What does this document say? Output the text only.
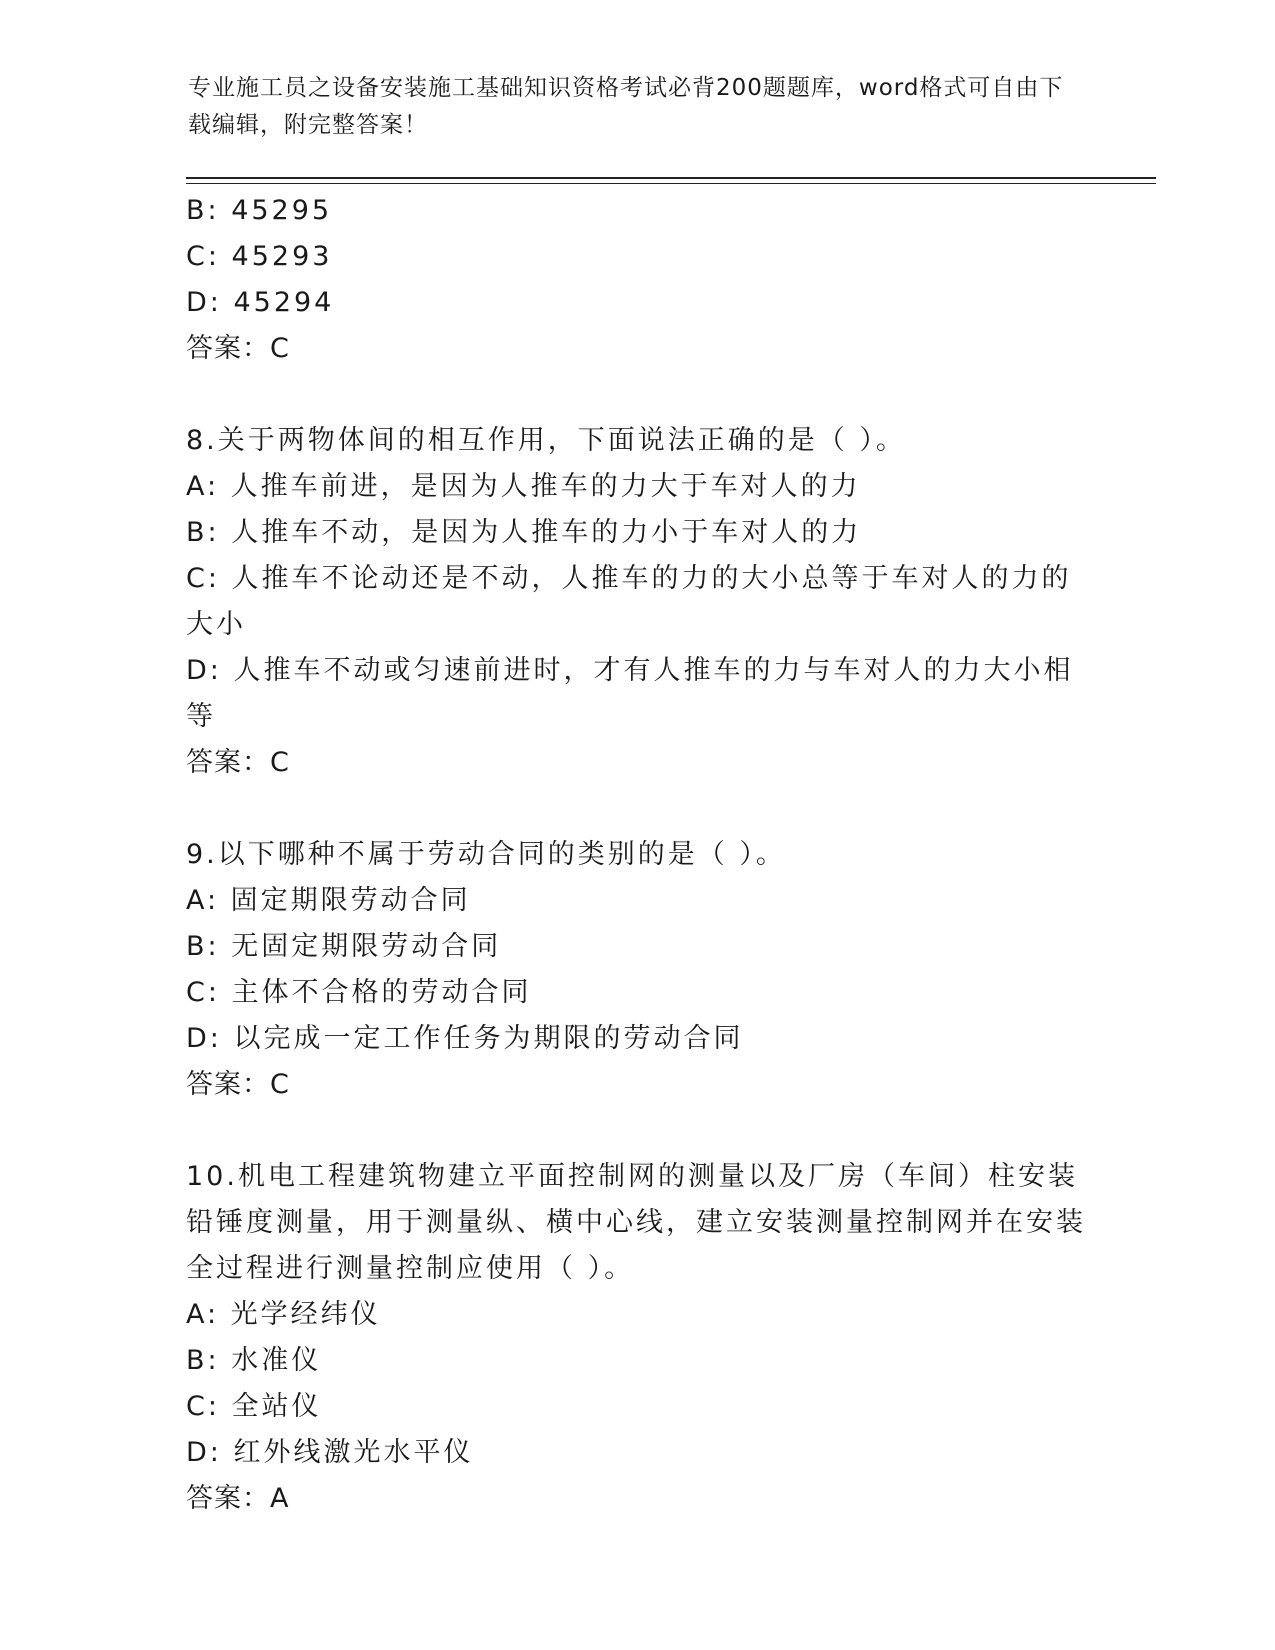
专业施工员之设备安装施工基础知识资格考试必背200题题库，word格式可自由下载编辑，附完整答案！
B: 45295
C: 45293
D: 45294
答案：C
8.关于两物体间的相互作用，下面说法正确的是（ ）。
A: 人推车前进，是因为人推车的力大于车对人的力
B: 人推车不动，是因为人推车的力小于车对人的力
C: 人推车不论动还是不动，人推车的力的大小总等于车对人的力的大小
D: 人推车不动或匀速前进时，才有人推车的力与车对人的力大小相等
答案：C
9.以下哪种不属于劳动合同的类别的是（ ）。
A: 固定期限劳动合同
B: 无固定期限劳动合同
C: 主体不合格的劳动合同
D: 以完成一定工作任务为期限的劳动合同
答案：C
10.机电工程建筑物建立平面控制网的测量以及厂房（车间）柱安装铅锤度测量，用于测量纵、横中心线，建立安装测量控制网并在安装全过程进行测量控制应使用（ ）。
A: 光学经纬仪
B: 水准仪
C: 全站仪
D: 红外线激光水平仪
答案：A
